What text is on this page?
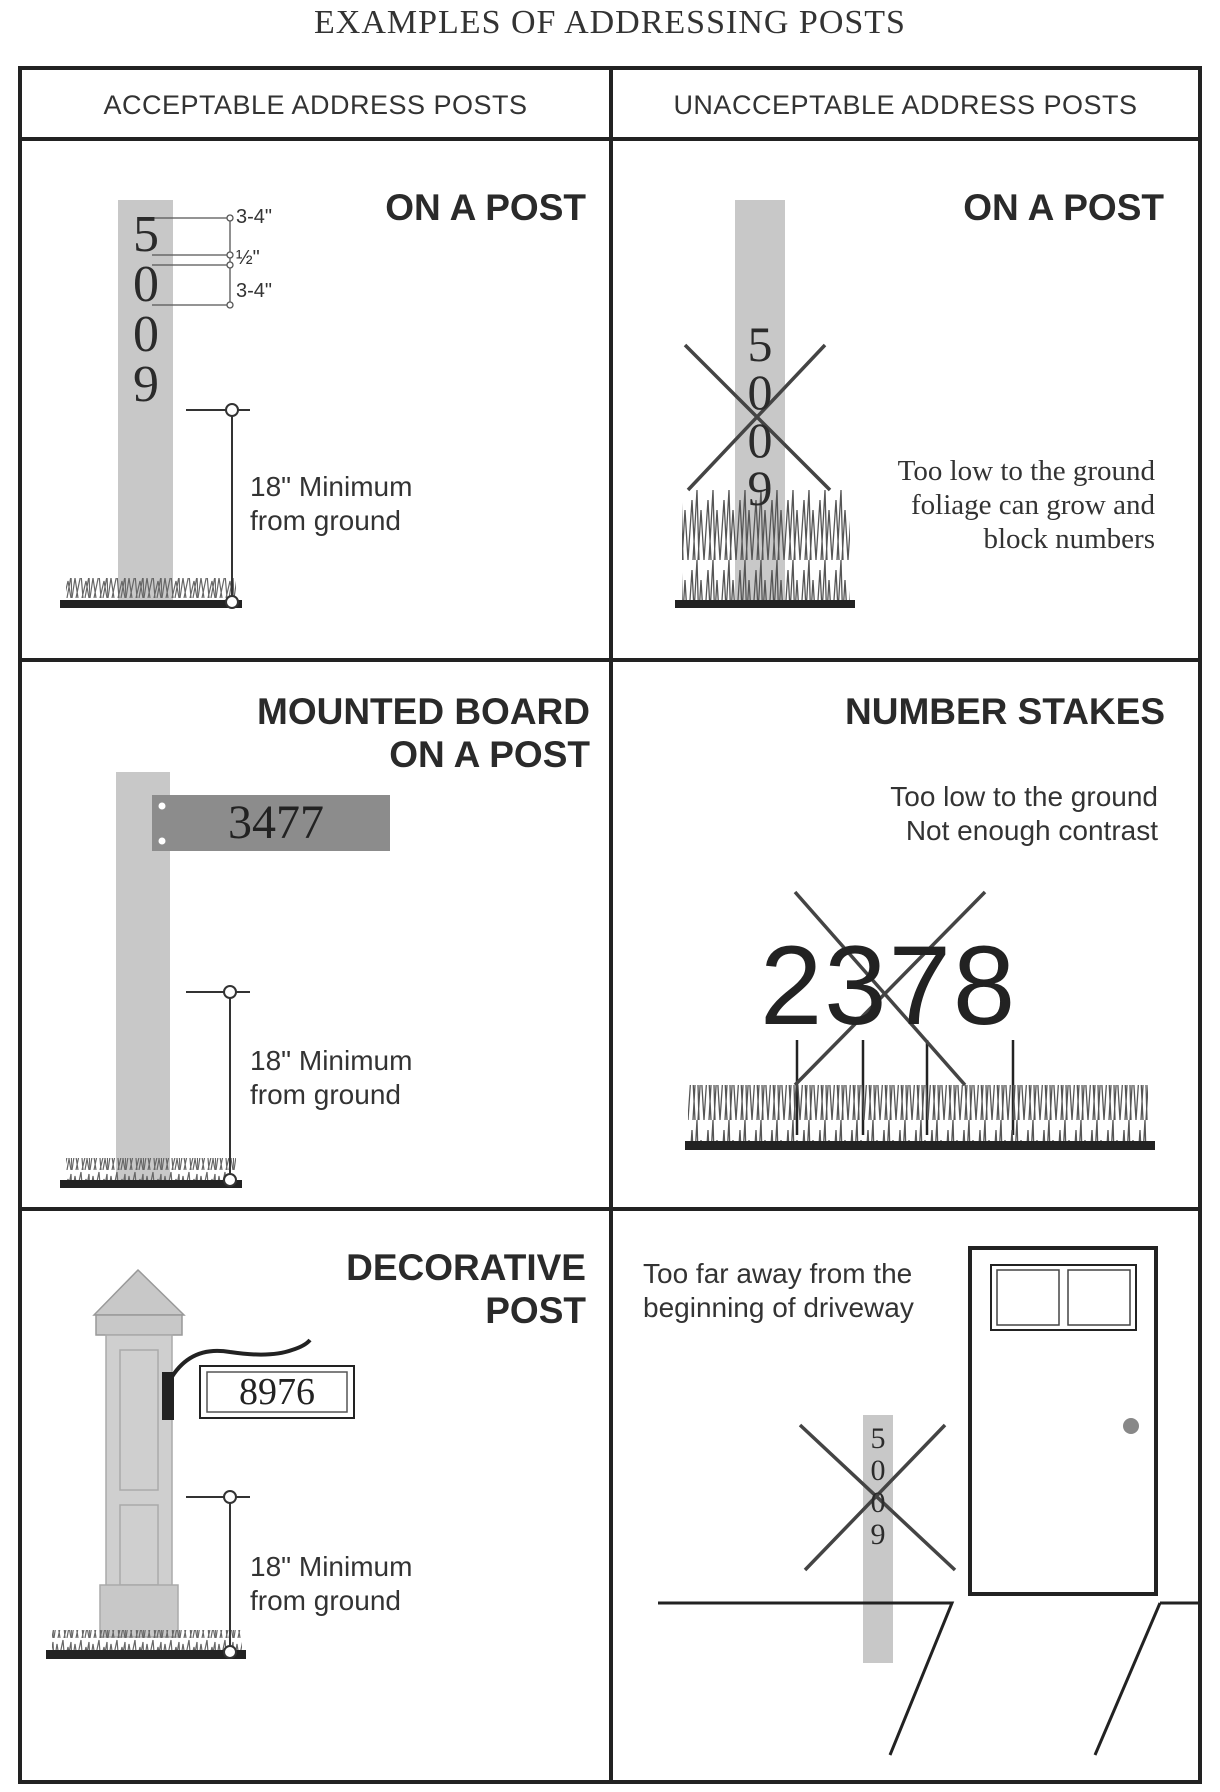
EXAMPLES OF ADDRESSING POSTS
ACCEPTABLE ADDRESS POSTS	UNACCEPTABLE ADDRESS POSTS
ON A POST
5
0
0
9
3-4"
½"
3-4"
18" Minimum
from ground
ON A POST
5
0
0
9	Too low to the ground
foliage can grow and
block numbers
MOUNTED BOARD
ON A POST
3477
18" Minimum
from ground
NUMBER STAKES
Too low to the ground
Not enough contrast
2378
DECORATIVE
POST
8976
18" Minimum
from ground
Too far away from the
beginning of driveway
5
0
0
9
